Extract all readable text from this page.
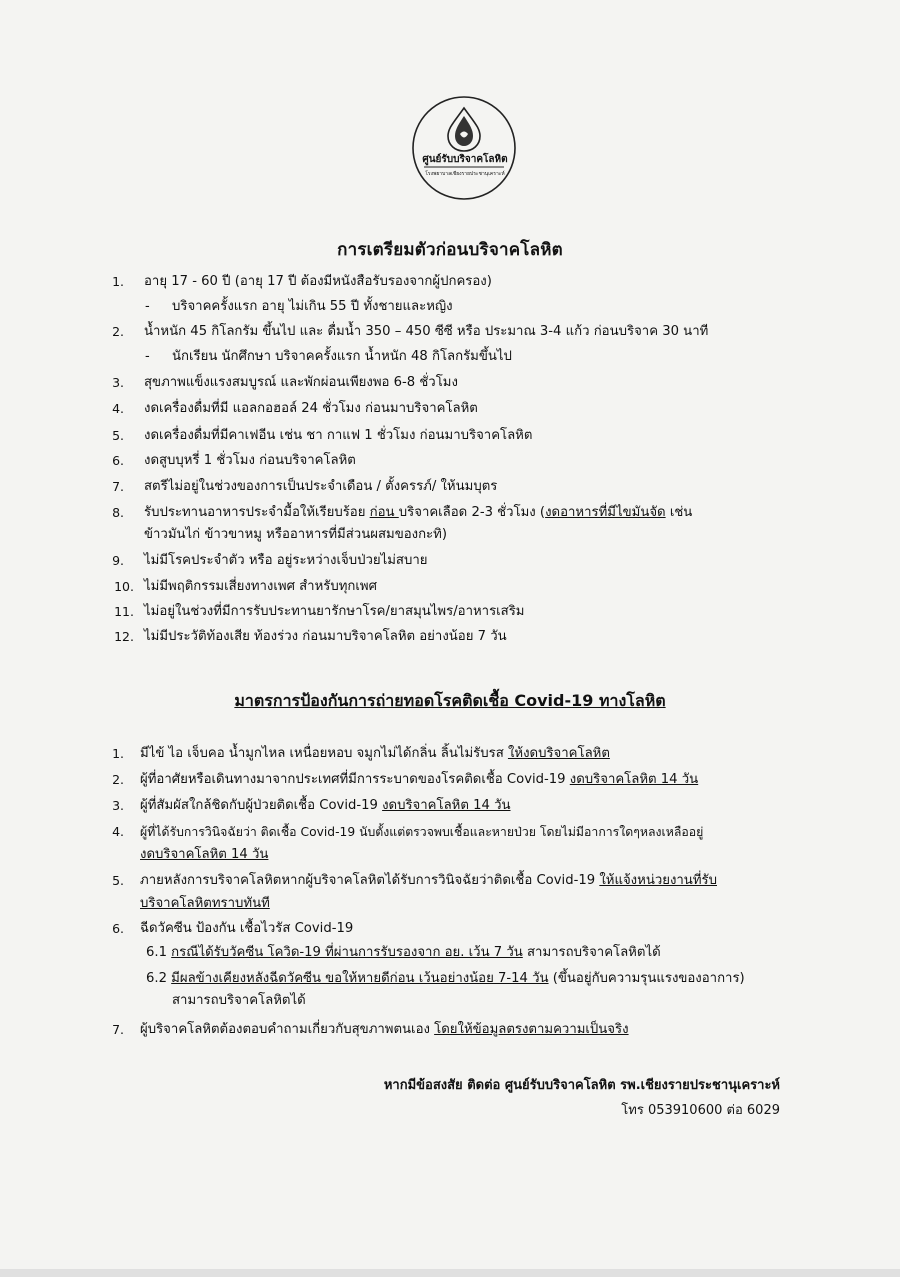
ศูนย์รับบริจาคโลหิต
โรงพยาบาลเชียงรายประชานุเคราะห์
การเตรียมตัวก่อนบริจาคโลหิต
1. อายุ 17 - 60 ปี (อายุ 17 ปี ต้องมีหนังสือรับรองจากผู้ปกครอง)
- บริจาคครั้งแรก อายุ ไม่เกิน 55 ปี ทั้งชายและหญิง
2. น้ำหนัก 45 กิโลกรัม ขึ้นไป และ ดื่มน้ำ 350 – 450 ซีซี หรือ ประมาณ 3-4 แก้ว ก่อนบริจาค 30 นาที
- นักเรียน นักศึกษา บริจาคครั้งแรก น้ำหนัก 48 กิโลกรัมขึ้นไป
3. สุขภาพแข็งแรงสมบูรณ์ และพักผ่อนเพียงพอ 6-8 ชั่วโมง
4. งดเครื่องดื่มที่มี แอลกอฮอล์ 24 ชั่วโมง ก่อนมาบริจาคโลหิต
5. งดเครื่องดื่มที่มีคาเฟอีน เช่น ชา กาแฟ 1 ชั่วโมง ก่อนมาบริจาคโลหิต
6. งดสูบบุหรี่ 1 ชั่วโมง ก่อนบริจาคโลหิต
7. สตรีไม่อยู่ในช่วงของการเป็นประจำเดือน / ตั้งครรภ์/ ให้นมบุตร
8. รับประทานอาหารประจำมื้อให้เรียบร้อย ก่อน บริจาคเลือด 2-3 ชั่วโมง (งดอาหารที่มีไขมันจัด เช่น
ข้าวมันไก่ ข้าวขาหมู หรืออาหารที่มีส่วนผสมของกะทิ)
9. ไม่มีโรคประจำตัว หรือ อยู่ระหว่างเจ็บป่วยไม่สบาย
10. ไม่มีพฤติกรรมเสี่ยงทางเพศ สำหรับทุกเพศ
11. ไม่อยู่ในช่วงที่มีการรับประทานยารักษาโรค/ยาสมุนไพร/อาหารเสริม
12. ไม่มีประวัติท้องเสีย ท้องร่วง ก่อนมาบริจาคโลหิต อย่างน้อย 7 วัน
มาตรการป้องกันการถ่ายทอดโรคติดเชื้อ Covid-19 ทางโลหิต
1. มีไข้ ไอ เจ็บคอ น้ำมูกไหล เหนื่อยหอบ จมูกไม่ได้กลิ่น ลิ้นไม่รับรส ให้งดบริจาคโลหิต
2. ผู้ที่อาศัยหรือเดินทางมาจากประเทศที่มีการระบาดของโรคติดเชื้อ Covid-19 งดบริจาคโลหิต 14 วัน
3. ผู้ที่สัมผัสใกล้ชิดกับผู้ป่วยติดเชื้อ Covid-19 งดบริจาคโลหิต 14 วัน
4. ผู้ที่ได้รับการวินิจฉัยว่า ติดเชื้อ Covid-19 นับตั้งแต่ตรวจพบเชื้อและหายป่วย โดยไม่มีอาการใดๆหลงเหลืออยู่
งดบริจาคโลหิต 14 วัน
5. ภายหลังการบริจาคโลหิตหากผู้บริจาคโลหิตได้รับการวินิจฉัยว่าติดเชื้อ Covid-19 ให้แจ้งหน่วยงานที่รับ
บริจาคโลหิตทราบทันที
6. ฉีดวัคซีน ป้องกัน เชื้อไวรัส Covid-19
6.1 กรณีได้รับวัคซีน โควิด-19 ที่ผ่านการรับรองจาก อย. เว้น 7 วัน สามารถบริจาคโลหิตได้
6.2 มีผลข้างเคียงหลังฉีดวัคซีน ขอให้หายดีก่อน เว้นอย่างน้อย 7-14 วัน (ขึ้นอยู่กับความรุนแรงของอาการ)
สามารถบริจาคโลหิตได้
7. ผู้บริจาคโลหิตต้องตอบคำถามเกี่ยวกับสุขภาพตนเอง โดยให้ข้อมูลตรงตามความเป็นจริง
หากมีข้อสงสัย ติดต่อ ศูนย์รับบริจาคโลหิต รพ.เชียงรายประชานุเคราะห์
โทร 053910600 ต่อ 6029
